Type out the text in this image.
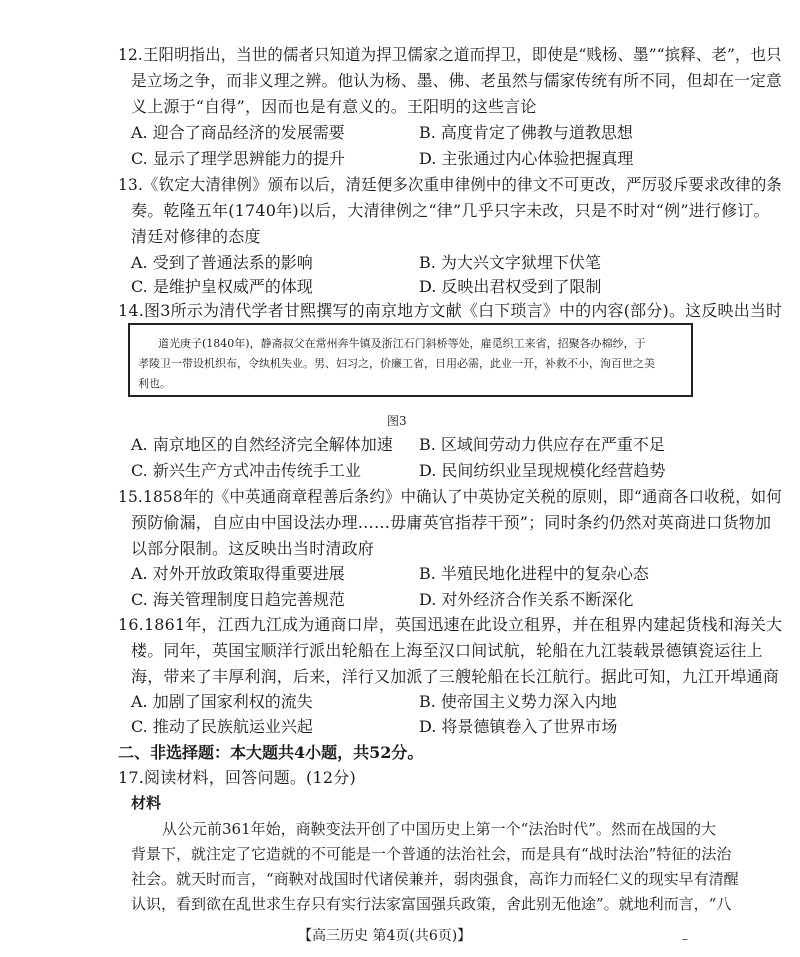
12.王阳明指出，当世的儒者只知道为捍卫儒家之道而捍卫，即使是“贱杨、墨”“摈释、老”，也只
是立场之争，而非义理之辨。他认为杨、墨、佛、老虽然与儒家传统有所不同，但却在一定意
义上源于“自得”，因而也是有意义的。王阳明的这些言论
A. 迎合了商品经济的发展需要	B. 高度肯定了佛教与道教思想
C. 显示了理学思辨能力的提升	D. 主张通过内心体验把握真理
13.《钦定大清律例》颁布以后，清廷便多次重申律例中的律文不可更改，严厉驳斥要求改律的条
奏。乾隆五年(1740年)以后，大清律例之“律”几乎只字未改，只是不时对“例”进行修订。
清廷对修律的态度
A. 受到了普通法系的影响	B. 为大兴文字狱埋下伏笔
C. 是维护皇权威严的体现	D. 反映出君权受到了限制
14.图3所示为清代学者甘熙撰写的南京地方文献《白下琐言》中的内容(部分)。这反映出当时
道光庚子(1840年)，静斋叔父在常州奔牛镇及浙江石门斜桥等处，雇觅织工来省，招聚各办棉纱，于
孝陵卫一带设机织布，令纨机失业。男、妇习之，价廉工省，日用必需，此业一开，补救不小，洵百世之美
利也。
图3
A. 南京地区的自然经济完全解体加速 B. 区域间劳动力供应存在严重不足
C. 新兴生产方式冲击传统手工业	D. 民间纺织业呈现规模化经营趋势
15.1858年的《中英通商章程善后条约》中确认了中英协定关税的原则，即“通商各口收税，如何
预防偷漏，自应由中国设法办理……毋庸英官指荐干预”；同时条约仍然对英商进口货物加
以部分限制。这反映出当时清政府
A. 对外开放政策取得重要进展	B. 半殖民地化进程中的复杂心态
C. 海关管理制度日趋完善规范	D. 对外经济合作关系不断深化
16.1861年，江西九江成为通商口岸，英国迅速在此设立租界，并在租界内建起货栈和海关大
楼。同年，英国宝顺洋行派出轮船在上海至汉口间试航，轮船在九江装载景德镇瓷运往上
海，带来了丰厚利润，后来，洋行又加派了三艘轮船在长江航行。据此可知，九江开埠通商
A. 加剧了国家利权的流失	B. 使帝国主义势力深入内地
C. 推动了民族航运业兴起	D. 将景德镇卷入了世界市场
二、非选择题：本大题共4小题，共52分。
17.阅读材料，回答问题。(12分)
材料
从公元前361年始，商鞅变法开创了中国历史上第一个“法治时代”。然而在战国的大
背景下，就注定了它造就的不可能是一个普通的法治社会，而是具有“战时法治”特征的法治
社会。就天时而言，“商鞅对战国时代诸侯兼并，弱肉强食，高诈力而轻仁义的现实早有清醒
认识，看到欲在乱世求生存只有实行法家富国强兵政策，舍此别无他途”。就地利而言，“八
【高三历史 第4页(共6页)】	–
